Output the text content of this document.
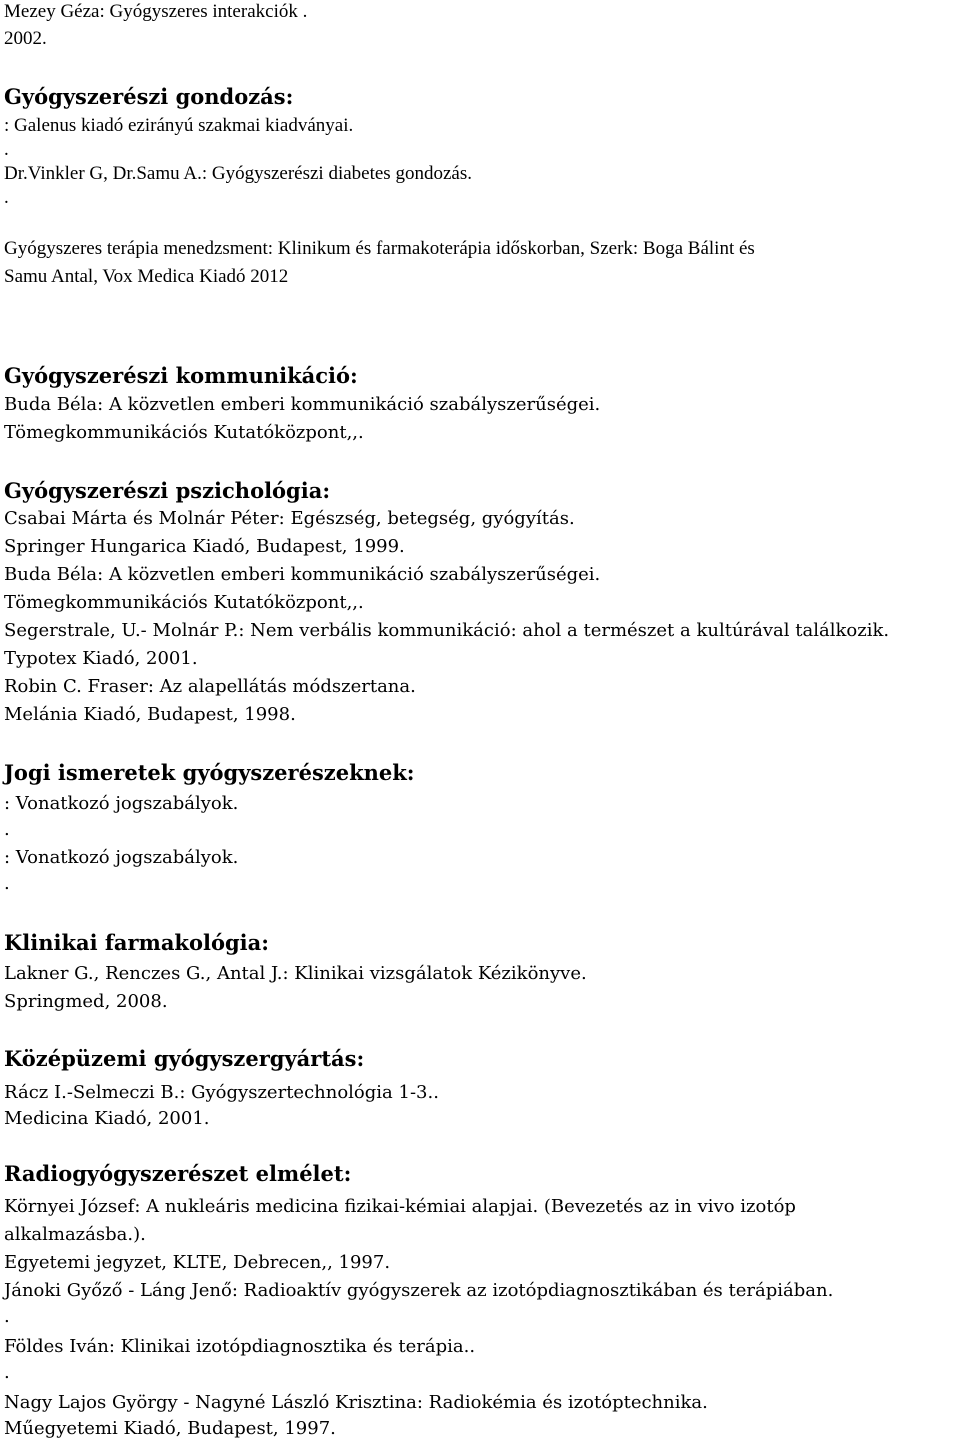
Mezey Géza: Gyógyszeres interakciók .
2002.
Gyógyszerészi gondozás:
: Galenus kiadó ezirányú szakmai kiadványai.
.
Dr.Vinkler G, Dr.Samu A.: Gyógyszerészi diabetes gondozás.
.
Gyógyszeres terápia menedzsment: Klinikum és farmakoterápia időskorban, Szerk: Boga Bálint és
Samu Antal, Vox Medica Kiadó 2012
Gyógyszerészi kommunikáció:
Buda Béla: A közvetlen emberi kommunikáció szabályszerűségei.
Tömegkommunikációs Kutatóközpont,,.
Gyógyszerészi pszichológia:
Csabai Márta és Molnár Péter: Egészség, betegség, gyógyítás.
Springer Hungarica Kiadó, Budapest, 1999.
Buda Béla: A közvetlen emberi kommunikáció szabályszerűségei.
Tömegkommunikációs Kutatóközpont,,.
Segerstrale, U.- Molnár P.: Nem verbális kommunikáció: ahol a természet a kultúrával találkozik.
Typotex Kiadó, 2001.
Robin C. Fraser: Az alapellátás módszertana.
Melánia Kiadó, Budapest, 1998.
Jogi ismeretek gyógyszerészeknek:
: Vonatkozó jogszabályok.
.
: Vonatkozó jogszabályok.
.
Klinikai farmakológia:
Lakner G., Renczes G., Antal J.: Klinikai vizsgálatok Kézikönyve.
Springmed, 2008.
Középüzemi gyógyszergyártás:
Rácz I.-Selmeczi B.: Gyógyszertechnológia 1-3..
Medicina Kiadó, 2001.
Radiogyógyszerészet elmélet:
Környei József: A nukleáris medicina fizikai-kémiai alapjai. (Bevezetés az in vivo izotóp
alkalmazásba.).
Egyetemi jegyzet, KLTE, Debrecen,, 1997.
Jánoki Győző - Láng Jenő: Radioaktív gyógyszerek az izotópdiagnosztikában és terápiában.
.
Földes Iván: Klinikai izotópdiagnosztika és terápia..
.
Nagy Lajos György - Nagyné László Krisztina: Radiokémia és izotóptechnika.
Műegyetemi Kiadó, Budapest, 1997.
